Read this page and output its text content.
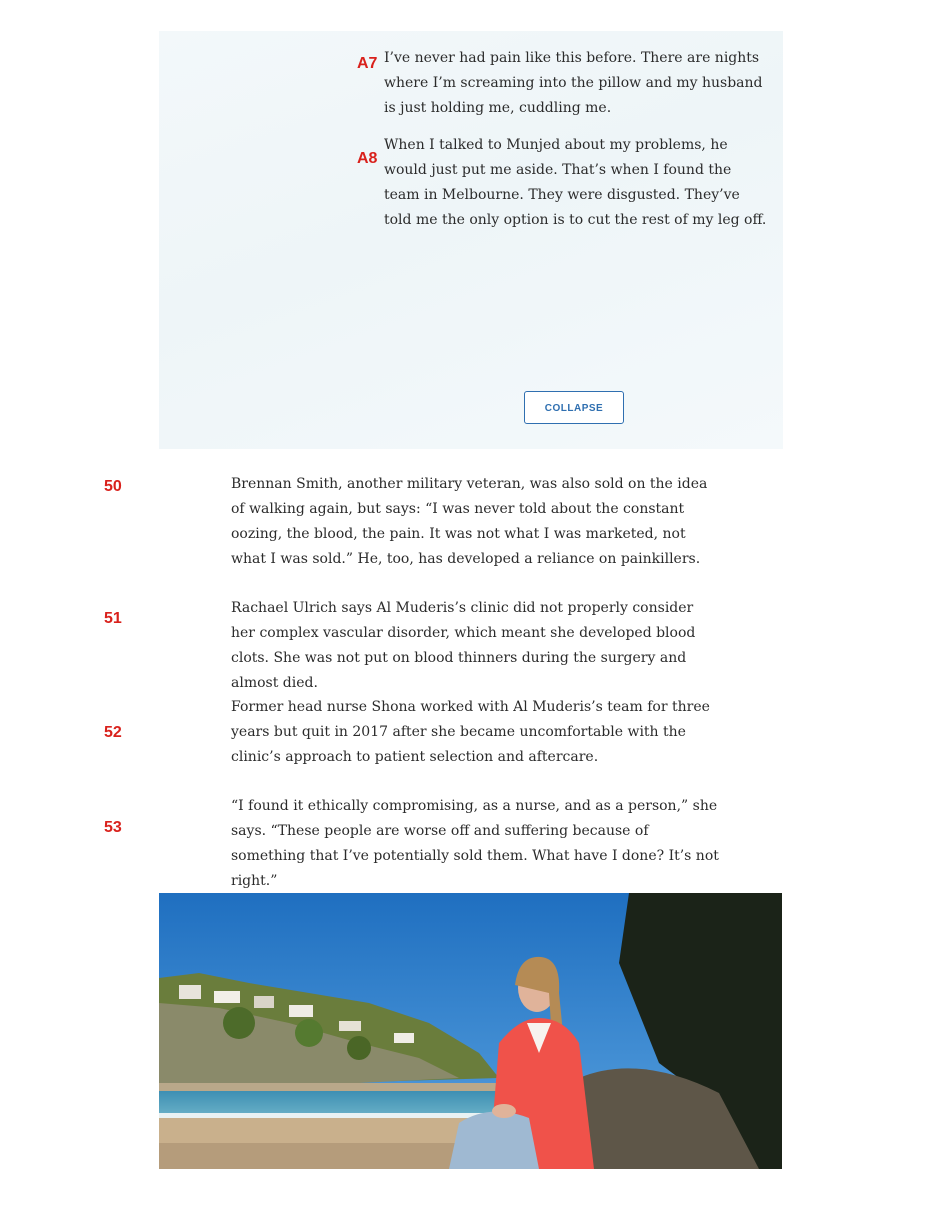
A7 I’ve never had pain like this before. There are nights where I’m screaming into the pillow and my husband is just holding me, cuddling me.

A8

When I talked to Munjed about my problems, he would just put me aside. That’s when I found the team in Melbourne. They were disgusted. They’ve told me the only option is to cut the rest of my leg off.

COLLAPSE
50	Brennan Smith, another military veteran, was also sold on the idea of walking again, but says: “I was never told about the constant oozing, the blood, the pain. It was not what I was marketed, not what I was sold.” He, too, has developed a reliance on painkillers.

51

Rachael Ulrich says Al Muderis’s clinic did not properly consider her complex vascular disorder, which meant she developed blood clots. She was not put on blood thinners during the surgery and almost died.

52

Former head nurse Shona worked with Al Muderis’s team for three years but quit in 2017 after she became uncomfortable with the clinic’s approach to patient selection and aftercare.

53

“I found it ethically compromising, as a nurse, and as a person,” she says. “These people are worse off and suffering because of something that I’ve potentially sold them. What have I done? It’s not right.”
